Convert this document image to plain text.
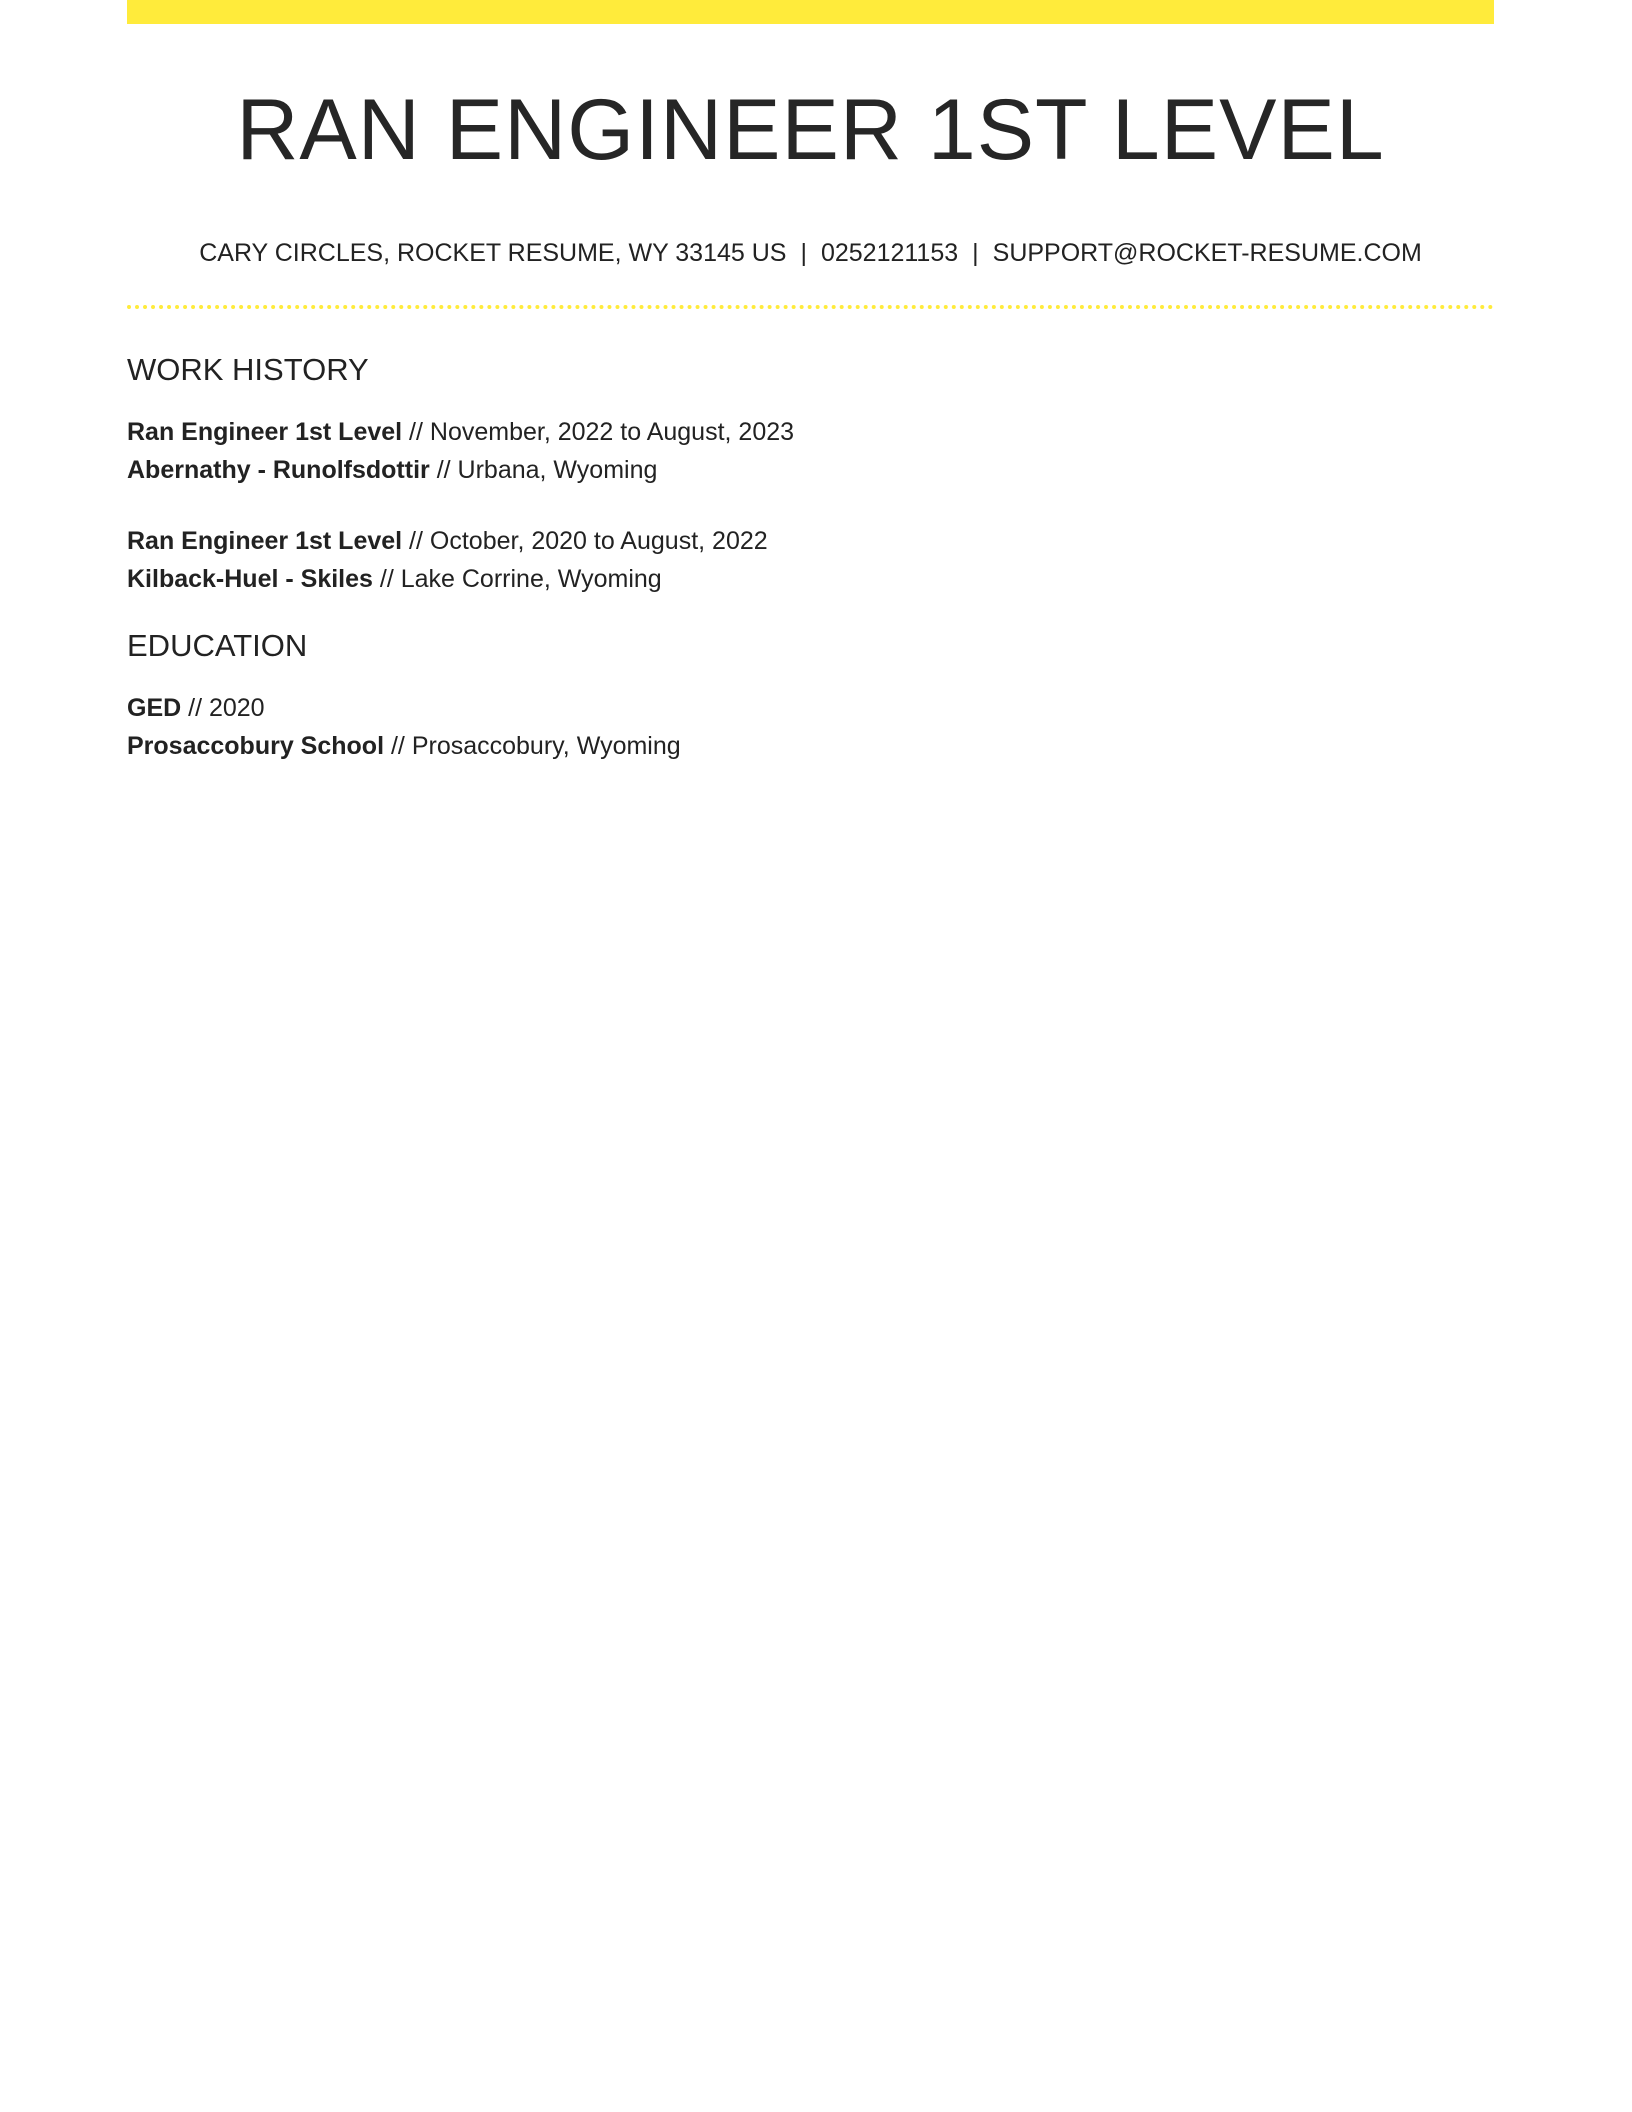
RAN ENGINEER 1ST LEVEL
CARY CIRCLES, ROCKET RESUME, WY 33145 US | 0252121153 | SUPPORT@ROCKET-RESUME.COM
WORK HISTORY
Ran Engineer 1st Level // November, 2022 to August, 2023
Abernathy - Runolfsdottir // Urbana, Wyoming
Ran Engineer 1st Level // October, 2020 to August, 2022
Kilback-Huel - Skiles // Lake Corrine, Wyoming
EDUCATION
GED // 2020
Prosaccobury School // Prosaccobury, Wyoming
